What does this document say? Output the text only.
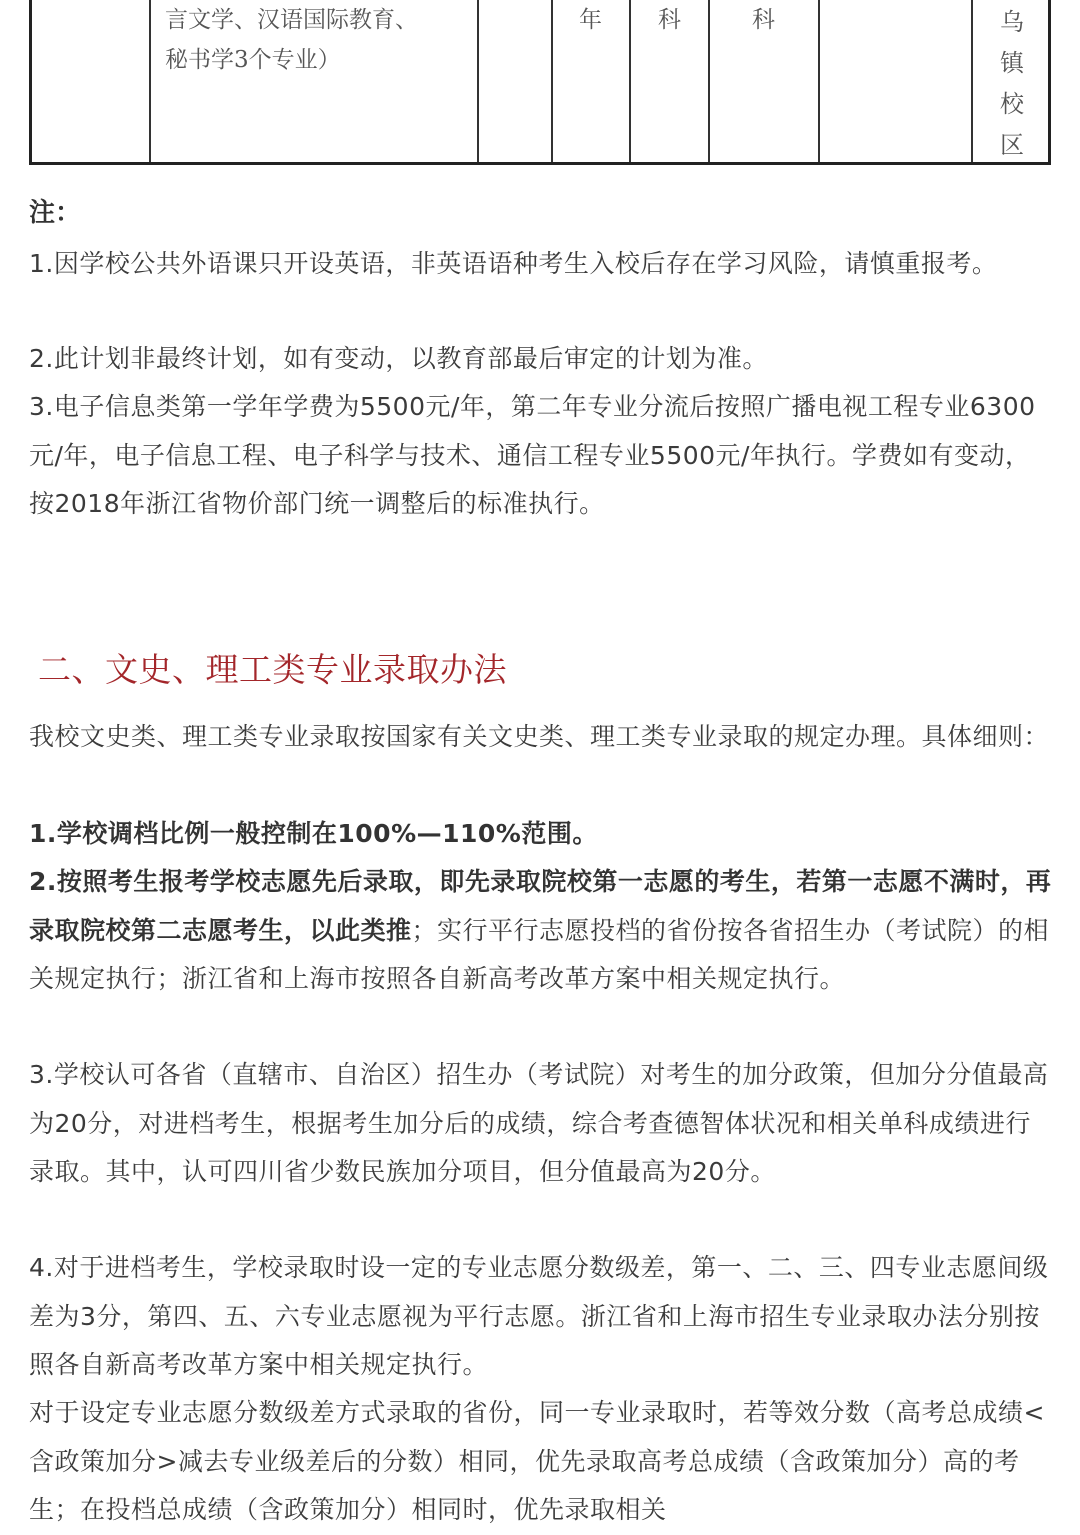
言文学、汉语国际教育、
秘书学3个专业）
年 科	科	乌
镇
校
区
注：
1.因学校公共外语课只开设英语，非英语语种考生入校后存在学习风险，请慎重报考。
2.此计划非最终计划，如有变动，以教育部最后审定的计划为准。
3.电子信息类第一学年学费为5500元/年，第二年专业分流后按照广播电视工程专业6300元/年，电子信息工程、电子科学与技术、通信工程专业5500元/年执行。学费如有变动，按2018年浙江省物价部门统一调整后的标准执行。
二、文史、理工类专业录取办法
我校文史类、理工类专业录取按国家有关文史类、理工类专业录取的规定办理。具体细则：
1.学校调档比例一般控制在100%—110%范围。
2.按照考生报考学校志愿先后录取，即先录取院校第一志愿的考生，若第一志愿不满时，再录取院校第二志愿考生，以此类推；实行平行志愿投档的省份按各省招生办（考试院）的相关规定执行；浙江省和上海市按照各自新高考改革方案中相关规定执行。
3.学校认可各省（直辖市、自治区）招生办（考试院）对考生的加分政策，但加分分值最高为20分，对进档考生，根据考生加分后的成绩，综合考查德智体状况和相关单科成绩进行录取。其中，认可四川省少数民族加分项目，但分值最高为20分。
4.对于进档考生，学校录取时设一定的专业志愿分数级差，第一、二、三、四专业志愿间级差为3分，第四、五、六专业志愿视为平行志愿。浙江省和上海市招生专业录取办法分别按照各自新高考改革方案中相关规定执行。
对于设定专业志愿分数级差方式录取的省份，同一专业录取时，若等效分数（高考总成绩<含政策加分>减去专业级差后的分数）相同，优先录取高考总成绩（含政策加分）高的考生；在投档总成绩（含政策加分）相同时，优先录取相关
